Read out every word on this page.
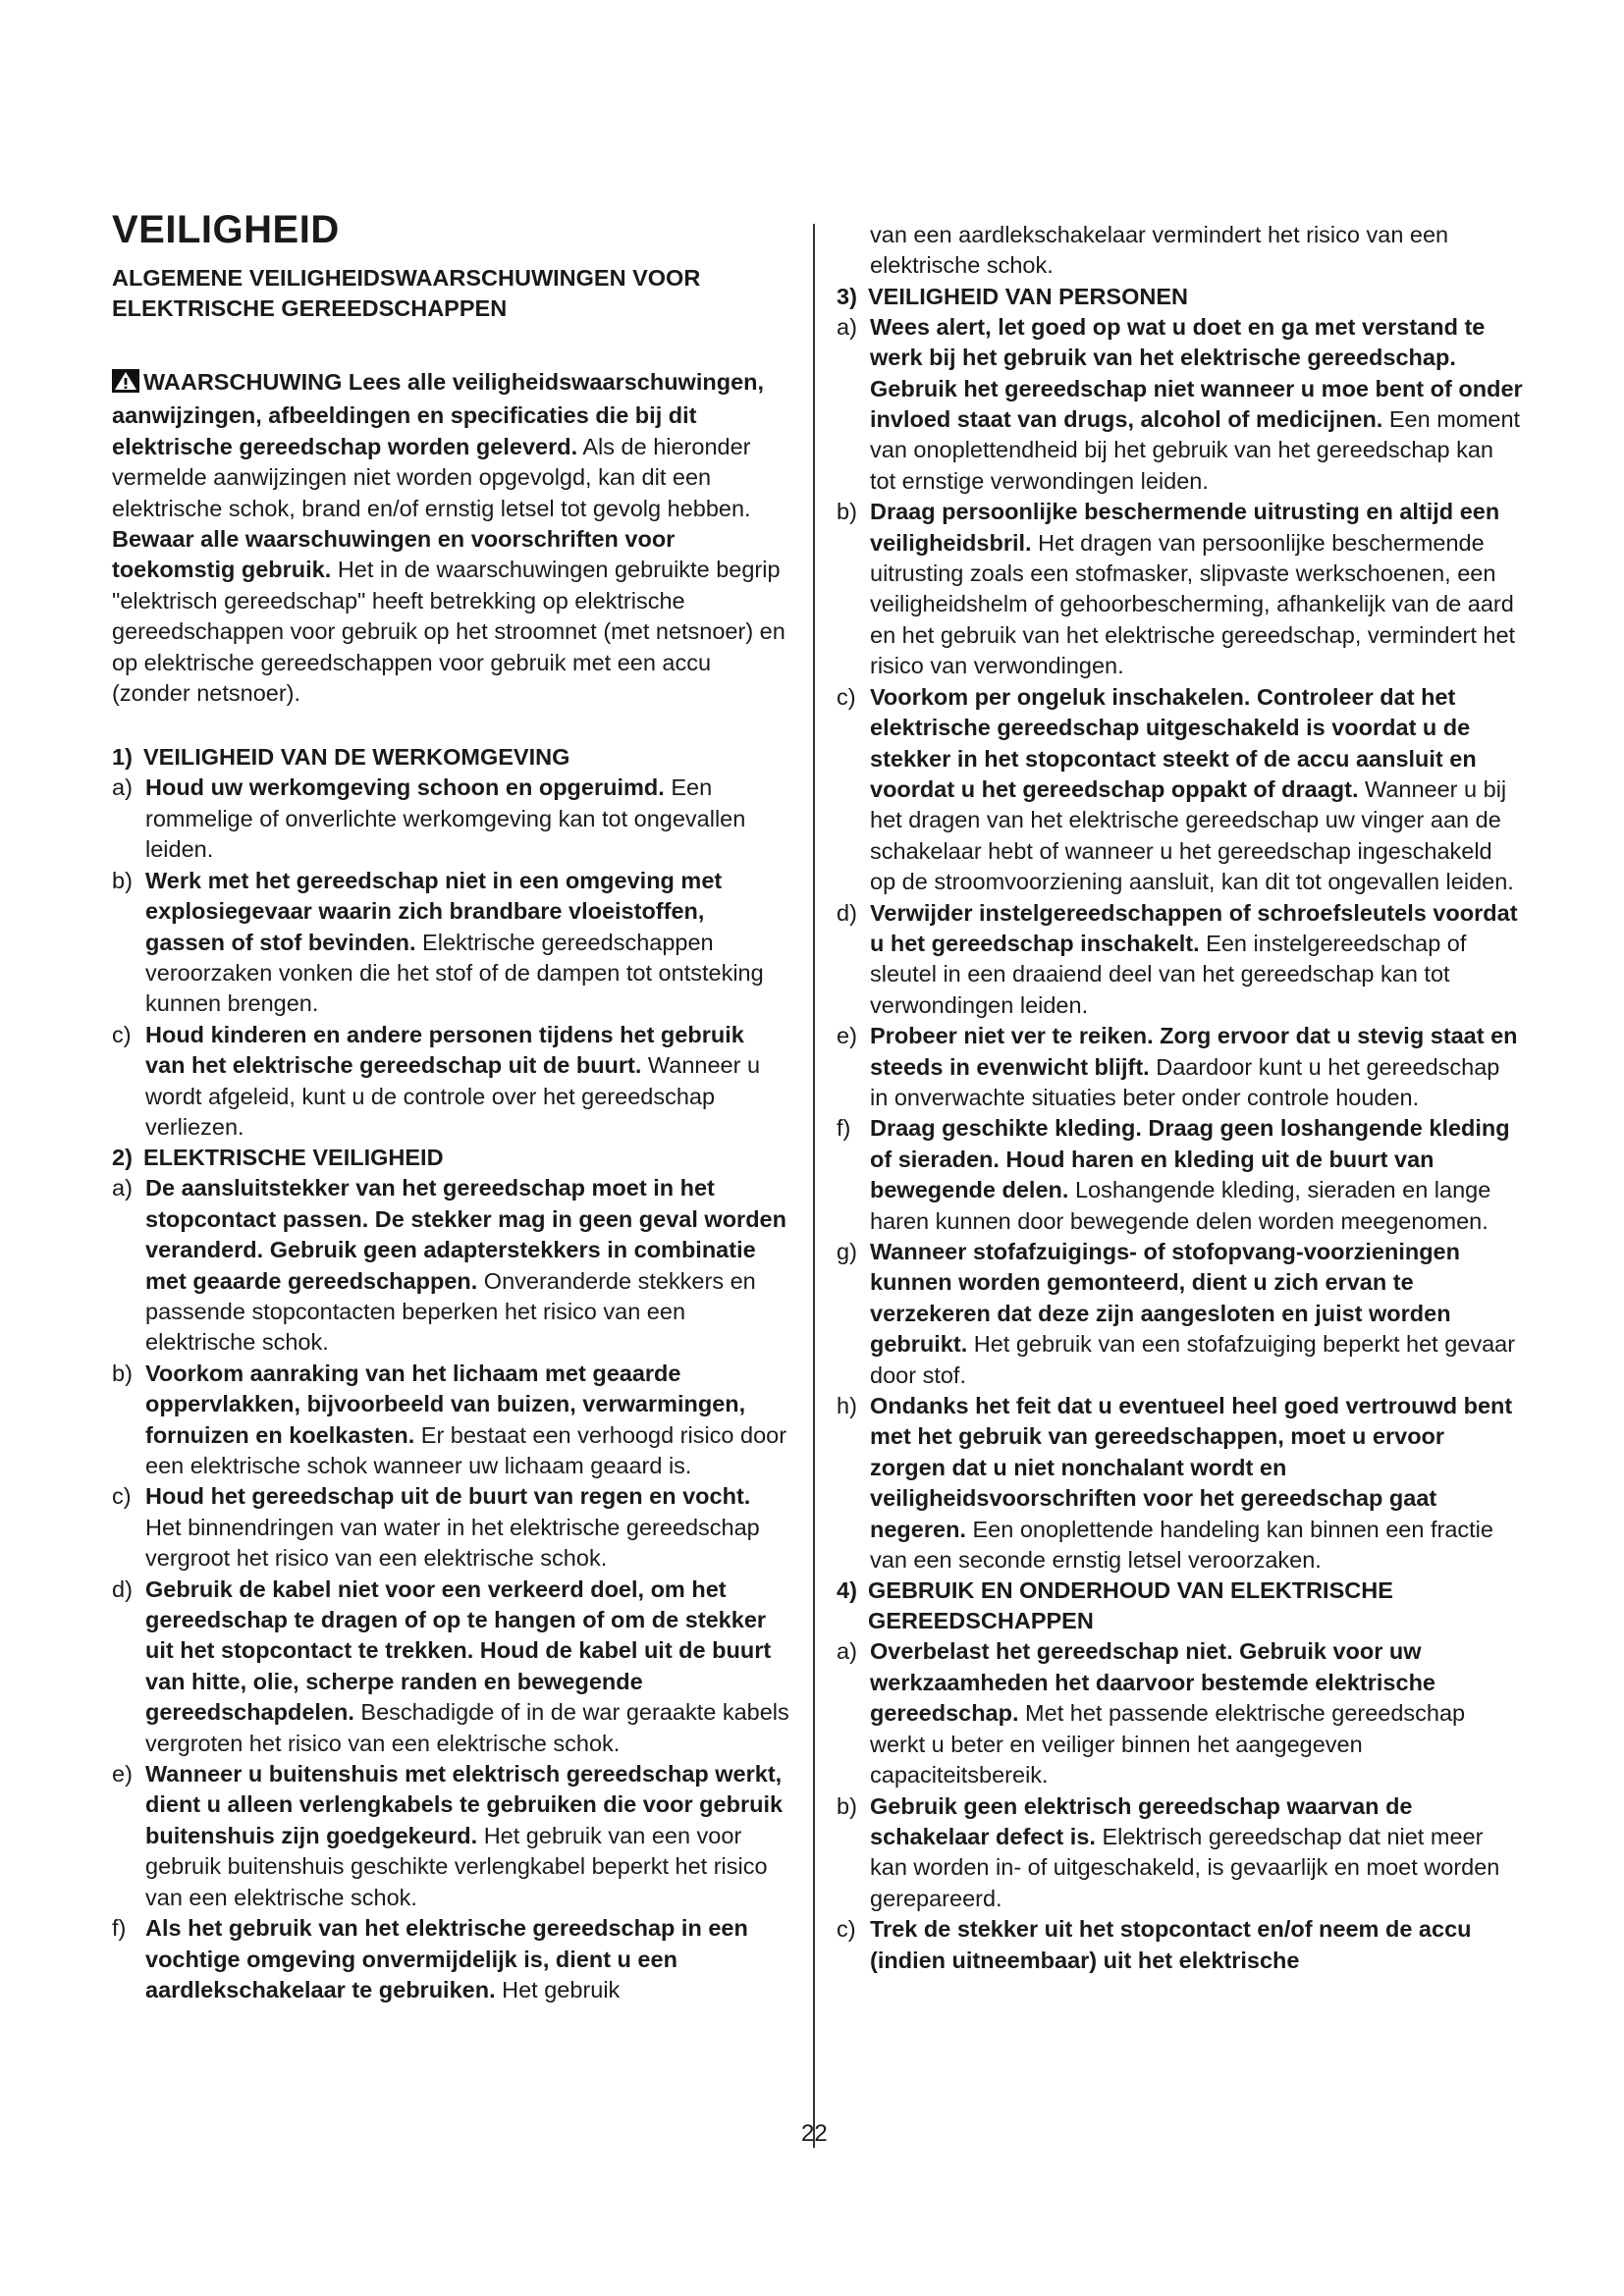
VEILIGHEID
ALGEMENE VEILIGHEIDSWAARSCHUWINGEN VOOR ELEKTRISCHE GEREEDSCHAPPEN
WAARSCHUWING Lees alle veiligheidswaarschuwingen, aanwijzingen, afbeeldingen en specificaties die bij dit elektrische gereedschap worden geleverd. Als de hieronder vermelde aanwijzingen niet worden opgevolgd, kan dit een elektrische schok, brand en/of ernstig letsel tot gevolg hebben. Bewaar alle waarschuwingen en voorschriften voor toekomstig gebruik. Het in de waarschuwingen gebruikte begrip "elektrisch gereedschap" heeft betrekking op elektrische gereedschappen voor gebruik op het stroomnet (met netsnoer) en op elektrische gereedschappen voor gebruik met een accu (zonder netsnoer).
1) VEILIGHEID VAN DE WERKOMGEVING
a) Houd uw werkomgeving schoon en opgeruimd. Een rommelige of onverlichte werkomgeving kan tot ongevallen leiden.
b) Werk met het gereedschap niet in een omgeving met explosiegevaar waarin zich brandbare vloeistoffen, gassen of stof bevinden. Elektrische gereedschappen veroorzaken vonken die het stof of de dampen tot ontsteking kunnen brengen.
c) Houd kinderen en andere personen tijdens het gebruik van het elektrische gereedschap uit de buurt. Wanneer u wordt afgeleid, kunt u de controle over het gereedschap verliezen.
2) ELEKTRISCHE VEILIGHEID
a) De aansluitstekker van het gereedschap moet in het stopcontact passen. De stekker mag in geen geval worden veranderd. Gebruik geen adapterstekkers in combinatie met geaarde gereedschappen. Onveranderde stekkers en passende stopcontacten beperken het risico van een elektrische schok.
b) Voorkom aanraking van het lichaam met geaarde oppervlakken, bijvoorbeeld van buizen, verwarmingen, fornuizen en koelkasten. Er bestaat een verhoogd risico door een elektrische schok wanneer uw lichaam geaard is.
c) Houd het gereedschap uit de buurt van regen en vocht. Het binnendringen van water in het elektrische gereedschap vergroot het risico van een elektrische schok.
d) Gebruik de kabel niet voor een verkeerd doel, om het gereedschap te dragen of op te hangen of om de stekker uit het stopcontact te trekken. Houd de kabel uit de buurt van hitte, olie, scherpe randen en bewegende gereedschapdelen. Beschadigde of in de war geraakte kabels vergroten het risico van een elektrische schok.
e) Wanneer u buitenshuis met elektrisch gereedschap werkt, dient u alleen verlengkabels te gebruiken die voor gebruik buitenshuis zijn goedgekeurd. Het gebruik van een voor gebruik buitenshuis geschikte verlengkabel beperkt het risico van een elektrische schok.
f) Als het gebruik van het elektrische gereedschap in een vochtige omgeving onvermijdelijk is, dient u een aardlekschakelaar te gebruiken. Het gebruik
van een aardlekschakelaar vermindert het risico van een elektrische schok.
3) VEILIGHEID VAN PERSONEN
a) Wees alert, let goed op wat u doet en ga met verstand te werk bij het gebruik van het elektrische gereedschap. Gebruik het gereedschap niet wanneer u moe bent of onder invloed staat van drugs, alcohol of medicijnen. Een moment van onoplettendheid bij het gebruik van het gereedschap kan tot ernstige verwondingen leiden.
b) Draag persoonlijke beschermende uitrusting en altijd een veiligheidsbril. Het dragen van persoonlijke beschermende uitrusting zoals een stofmasker, slipvaste werkschoenen, een veiligheidshelm of gehoorbescherming, afhankelijk van de aard en het gebruik van het elektrische gereedschap, vermindert het risico van verwondingen.
c) Voorkom per ongeluk inschakelen. Controleer dat het elektrische gereedschap uitgeschakeld is voordat u de stekker in het stopcontact steekt of de accu aansluit en voordat u het gereedschap oppakt of draagt. Wanneer u bij het dragen van het elektrische gereedschap uw vinger aan de schakelaar hebt of wanneer u het gereedschap ingeschakeld op de stroomvoorziening aansluit, kan dit tot ongevallen leiden.
d) Verwijder instelgereedschappen of schroefsleutels voordat u het gereedschap inschakelt. Een instelgereedschap of sleutel in een draaiend deel van het gereedschap kan tot verwondingen leiden.
e) Probeer niet ver te reiken. Zorg ervoor dat u stevig staat en steeds in evenwicht blijft. Daardoor kunt u het gereedschap in onverwachte situaties beter onder controle houden.
f) Draag geschikte kleding. Draag geen loshangende kleding of sieraden. Houd haren en kleding uit de buurt van bewegende delen. Loshangende kleding, sieraden en lange haren kunnen door bewegende delen worden meegenomen.
g) Wanneer stofafzuigings- of stofopvang-voorzieningen kunnen worden gemonteerd, dient u zich ervan te verzekeren dat deze zijn aangesloten en juist worden gebruikt. Het gebruik van een stofafzuiging beperkt het gevaar door stof.
h) Ondanks het feit dat u eventueel heel goed vertrouwd bent met het gebruik van gereedschappen, moet u ervoor zorgen dat u niet nonchalant wordt en veiligheidsvoorschriften voor het gereedschap gaat negeren. Een onoplettende handeling kan binnen een fractie van een seconde ernstig letsel veroorzaken.
4) GEBRUIK EN ONDERHOUD VAN ELEKTRISCHE GEREEDSCHAPPEN
a) Overbelast het gereedschap niet. Gebruik voor uw werkzaamheden het daarvoor bestemde elektrische gereedschap. Met het passende elektrische gereedschap werkt u beter en veiliger binnen het aangegeven capaciteitsbereik.
b) Gebruik geen elektrisch gereedschap waarvan de schakelaar defect is. Elektrisch gereedschap dat niet meer kan worden in- of uitgeschakeld, is gevaarlijk en moet worden gerepareerd.
c) Trek de stekker uit het stopcontact en/of neem de accu (indien uitneembaar) uit het elektrische
22
